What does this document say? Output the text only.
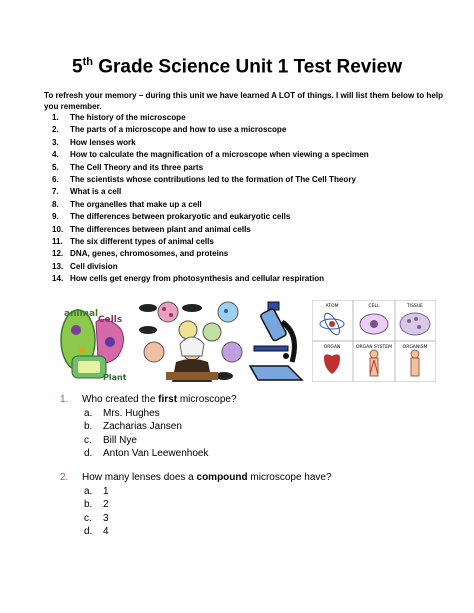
5th Grade Science Unit 1 Test Review
To refresh your memory – during this unit we have learned A LOT of things. I will list them below to help you remember.
1.	The history of the microscope
2.	The parts of a microscope and how to use a microscope
3.	How lenses work
4.	How to calculate the magnification of a microscope when viewing a specimen
5.	The Cell Theory and its three parts
6.	The scientists whose contributions led to the formation of The Cell Theory
7.	What is a cell
8.	The organelles that make up a cell
9.	The differences between prokaryotic and eukaryotic cells
10. The differences between plant and animal cells
11. The six different types of animal cells
12. DNA, genes, chromosomes, and proteins
13. Cell division
14. How cells get energy from photosynthesis and cellular respiration
animal
Cells
Plant
ATOM	CELL	TISSUE
ORGAN	ORGAN SYSTEM ORGANISM
1. Who created the first microscope?
a.	Mrs. Hughes
b.	Zacharias Jansen
c.	Bill Nye
d.	Anton Van Leewenhoek
2. How many lenses does a compound microscope have?
a.	1
b.	2
c.	3
d.	4
